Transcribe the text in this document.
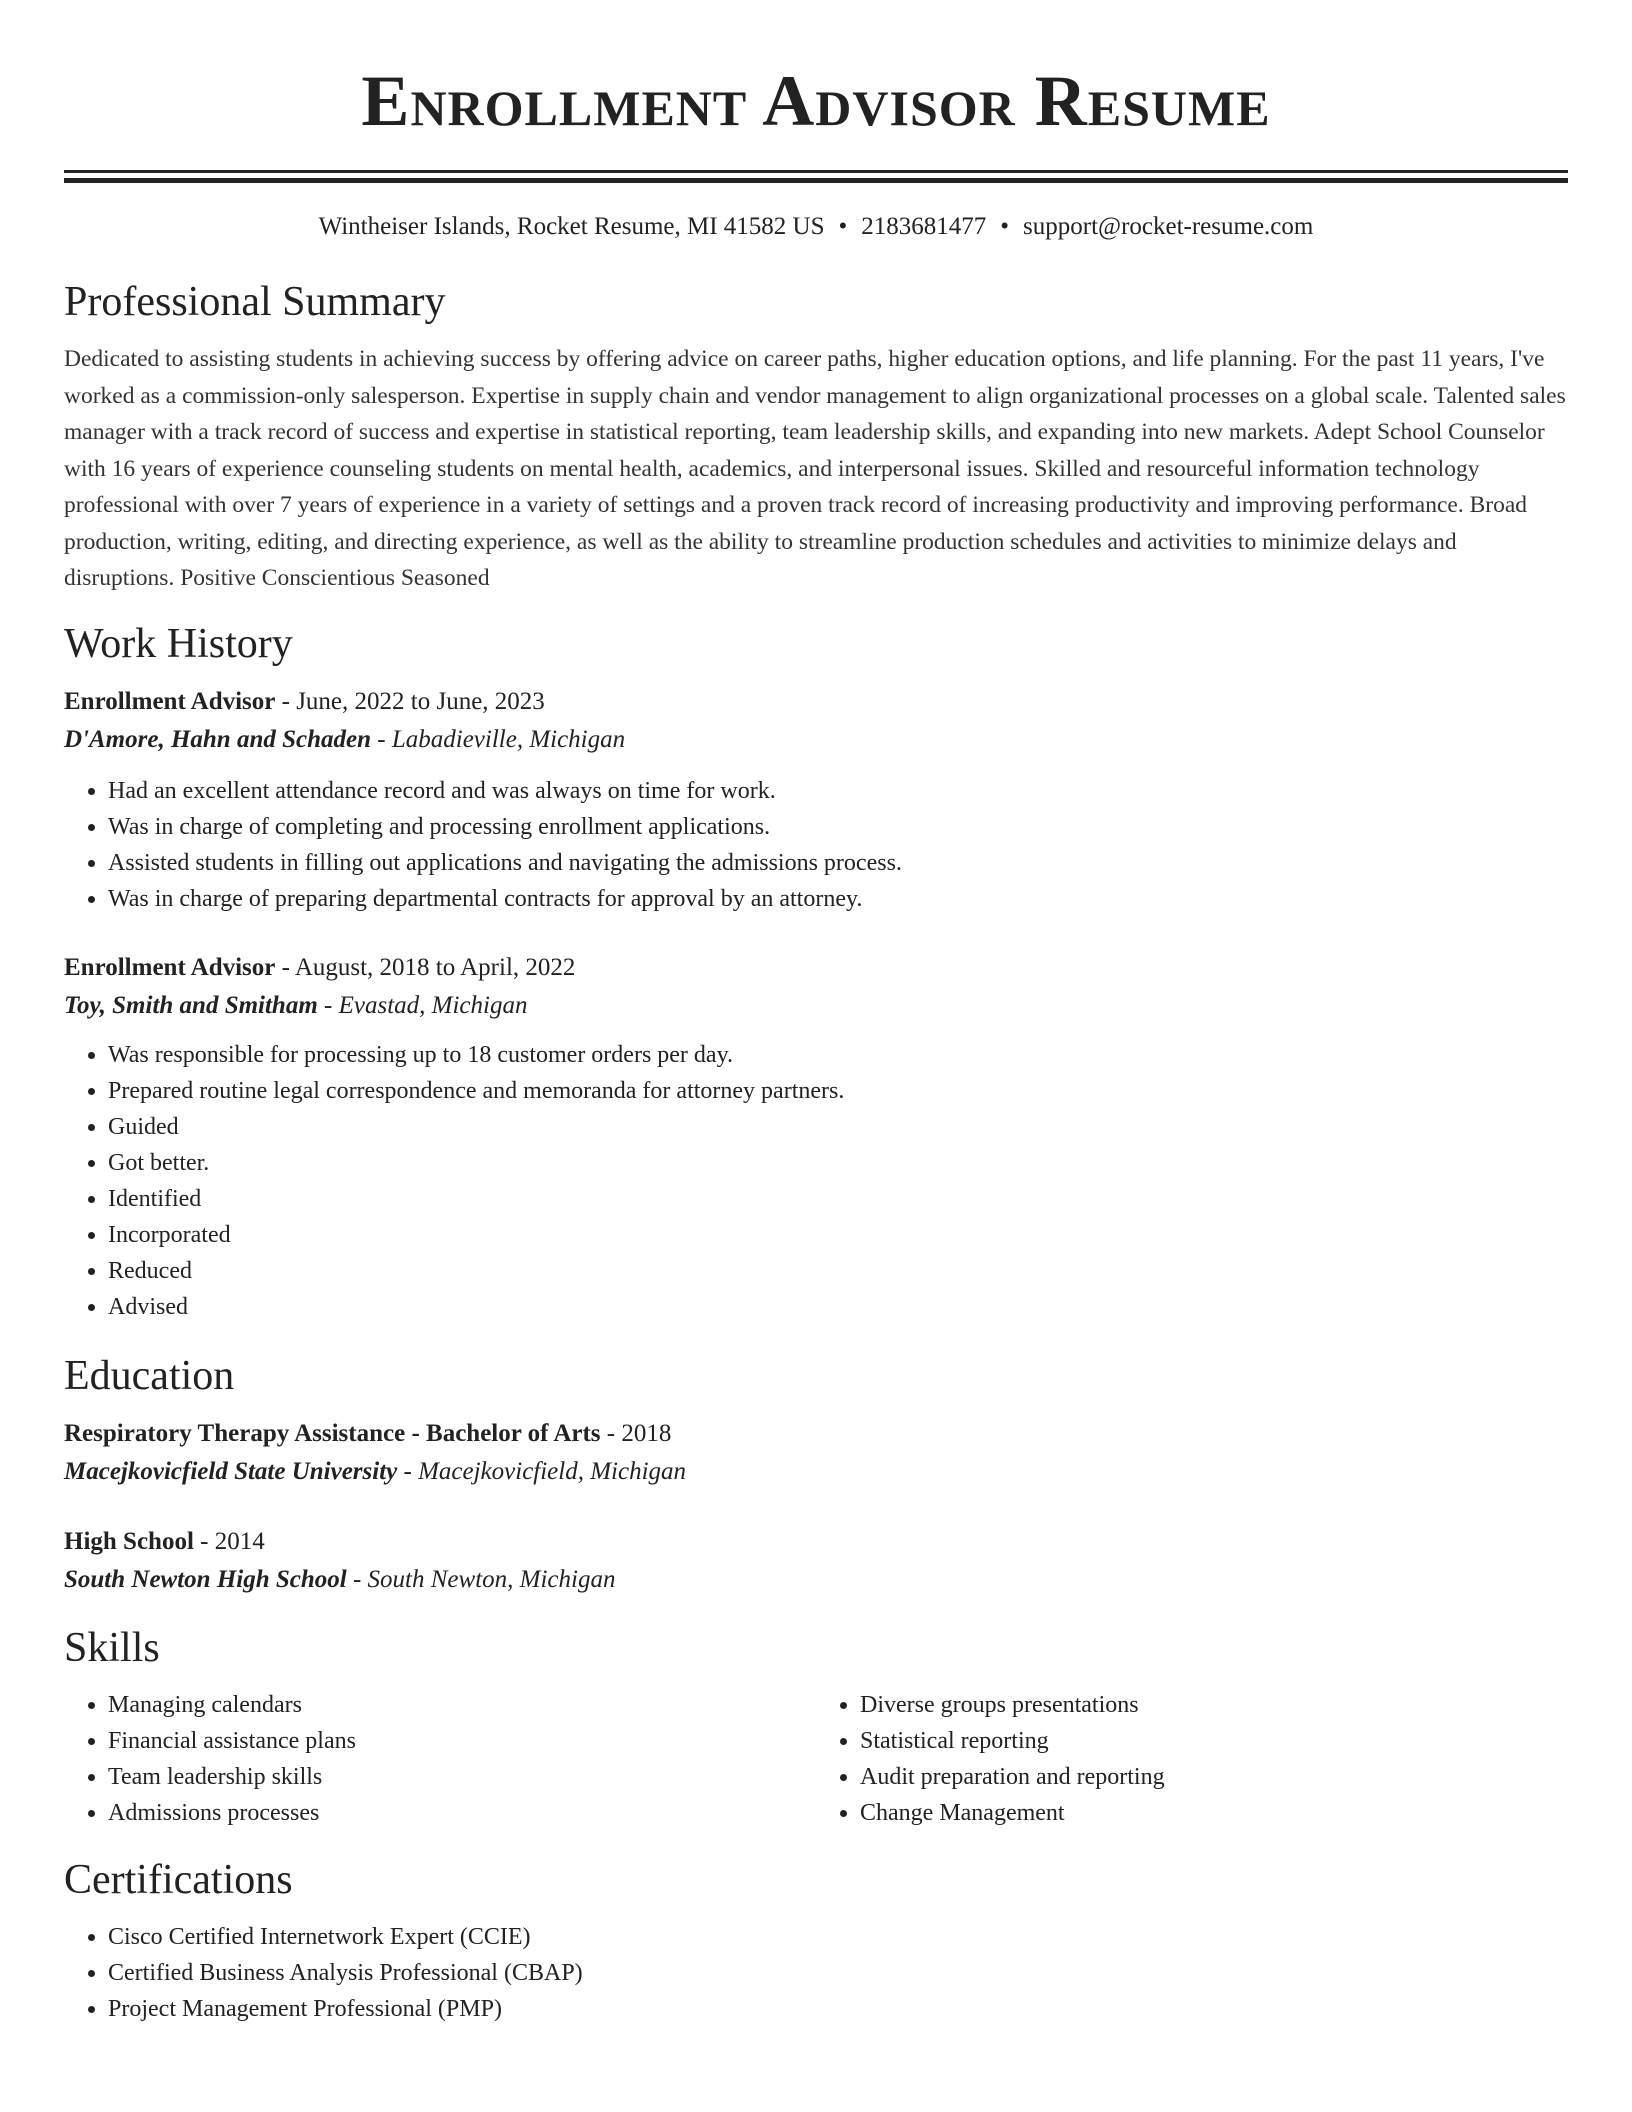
Enrollment Advisor Resume
Wintheiser Islands, Rocket Resume, MI 41582 US • 2183681477 • support@rocket-resume.com
Professional Summary

Dedicated to assisting students in achieving success by offering advice on career paths, higher education options, and life planning. For the past 11 years, I've worked as a commission-only salesperson. Expertise in supply chain and vendor management to align organizational processes on a global scale. Talented sales manager with a track record of success and expertise in statistical reporting, team leadership skills, and expanding into new markets. Adept School Counselor with 16 years of experience counseling students on mental health, academics, and interpersonal issues. Skilled and resourceful information technology professional with over 7 years of experience in a variety of settings and a proven track record of increasing productivity and improving performance. Broad production, writing, editing, and directing experience, as well as the ability to streamline production schedules and activities to minimize delays and disruptions. Positive Conscientious Seasoned

Work History
Enrollment Advisor - June, 2022 to June, 2023
D'Amore, Hahn and Schaden - Labadieville, Michigan
• Had an excellent attendance record and was always on time for work.
• Was in charge of completing and processing enrollment applications.
• Assisted students in filling out applications and navigating the admissions process.
• Was in charge of preparing departmental contracts for approval by an attorney.
Enrollment Advisor - August, 2018 to April, 2022
Toy, Smith and Smitham - Evastad, Michigan
• Was responsible for processing up to 18 customer orders per day.
• Prepared routine legal correspondence and memoranda for attorney partners.
• Guided
• Got better.
• Identified
• Incorporated
• Reduced
• Advised
Education
Respiratory Therapy Assistance - Bachelor of Arts - 2018
Macejkovicfield State University - Macejkovicfield, Michigan
High School - 2014
South Newton High School - South Newton, Michigan
Skills
• Managing calendars
• Financial assistance plans
• Team leadership skills
• Admissions processes
• Diverse groups presentations
• Statistical reporting
• Audit preparation and reporting
• Change Management
Certifications
• Cisco Certified Internetwork Expert (CCIE)
• Certified Business Analysis Professional (CBAP)
• Project Management Professional (PMP)
